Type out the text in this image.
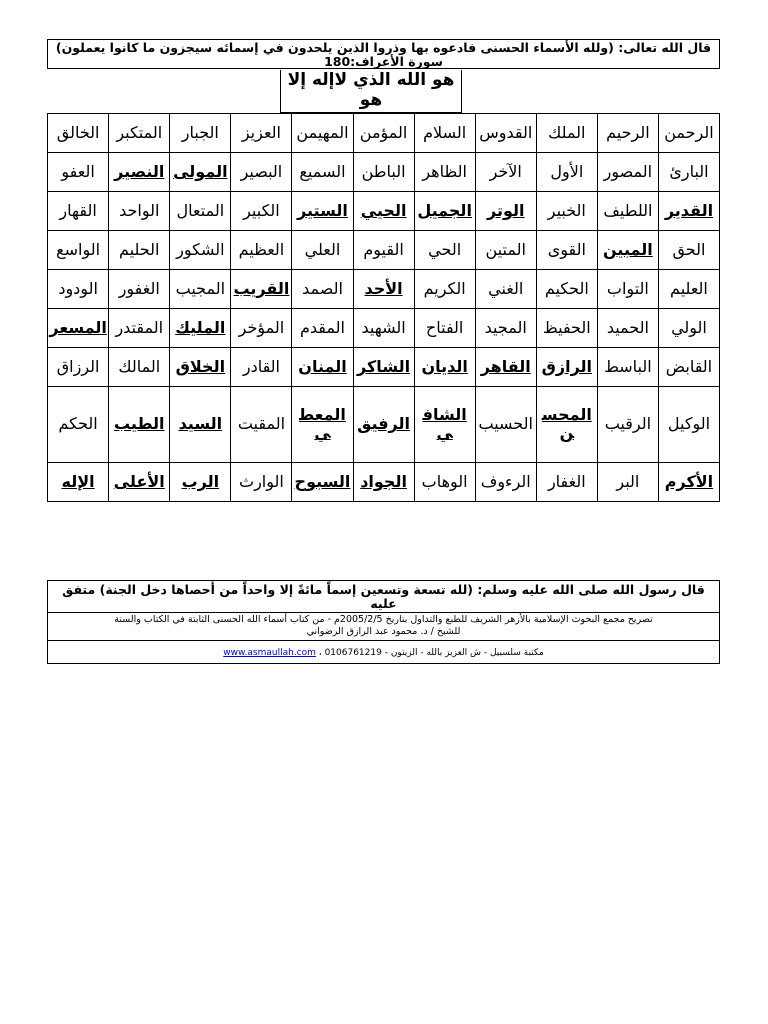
قال الله تعالى: (ولله الأسماء الحسنى فادعوه بها وذروا الذين يلحدون في إسمائه سيجزون ما كانوا يعملون)
سورة الأعراف:180
هو الله الذي لاإله إلا هو
الرحمن	الرحيم	الملك	القدوس	السلام	المؤمن	المهيمن	العزيز	الجبار	المتكبر	الخالق
البارئ	المصور	الأول	الآخر	الظاهر	الباطن	السميع	البصير	المولى	النصير	العفو
القدير	اللطيف	الخبير	الوتر	الجميل	الحيي	الستير	الكبير	المتعال	الواحد	القهار
الحق	المبين	القوى	المتين	الحي	القيوم	العلي	العظيم	الشكور	الحليم	الواسع
العليم	التواب	الحكيم	الغني	الكريم	الأحد	الصمد	القريب	المجيب	الغفور	الودود
الولي	الحميد	الحفيظ	المجيد	الفتاح	الشهيد	المقدم	المؤخر	المليك	المقتدر	المسعر
القابض	الباسط	الرازق	القاهر	الديان	الشاكر	المنان	القادر	الخلاق	المالك	الرزاق
الوكيل	الرقيب	المحسن	الحسيب	الشافي	الرفيق	المعطي	المقيت	السيد	الطيب	الحكم
الأكرم	البر	الغفار	الرءوف	الوهاب	الجواد	السبوح	الوارث	الرب	الأعلى	الإله
قال رسول الله صلى الله عليه وسلم: (لله تسعة وتسعين إسماً مائةً إلا واحداً من أحصاها دخل الجنة) متفق عليه
تصريح مجمع البحوث الإسلامية بالأزهر الشريف للطبع والتداول بتاريخ 2005/2/5م - من كتاب أسماء الله الحسنى الثابتة في الكتاب والسنة
للشيخ / د. محمود عبد الرازق الرضواني
مكتبة سلسبيل - ش العزيز بالله - الزيتون - 0106761219 ، www.asmaullah.com
